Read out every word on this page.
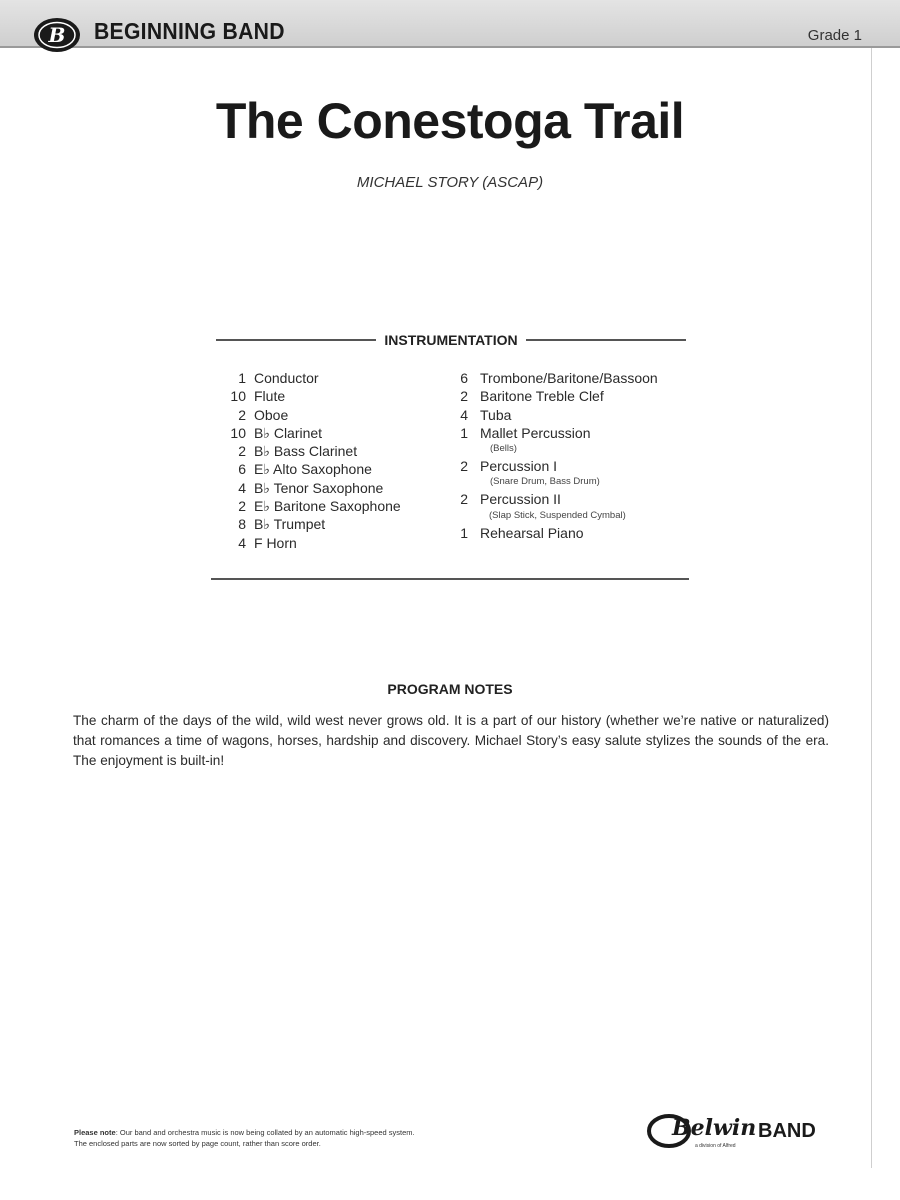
B BEGINNING BAND	Grade 1
The Conestoga Trail
MICHAEL STORY (ASCAP)
INSTRUMENTATION
1 Conductor
10 Flute
2 Oboe
10 B♭ Clarinet
2 B♭ Bass Clarinet
6 E♭ Alto Saxophone
4 B♭ Tenor Saxophone
2 E♭ Baritone Saxophone
8 B♭ Trumpet
4 F Horn
6 Trombone/Baritone/Bassoon
2 Baritone Treble Clef
4 Tuba
1 Mallet Percussion
(Bells)
2 Percussion I
(Snare Drum, Bass Drum)
2 Percussion II
(Slap Stick, Suspended Cymbal)
1 Rehearsal Piano
PROGRAM NOTES
The charm of the days of the wild, wild west never grows old. It is a part of our history (whether we’re native or naturalized) that romances a time of wagons, horses, hardship and discovery. Michael Story’s easy salute stylizes the sounds of the era. The enjoyment is built-in!
Please note: Our band and orchestra music is now being collated by an automatic high-speed system.
The enclosed parts are now sorted by page count, rather than score order.
Belwin BAND
a division of Alfred
